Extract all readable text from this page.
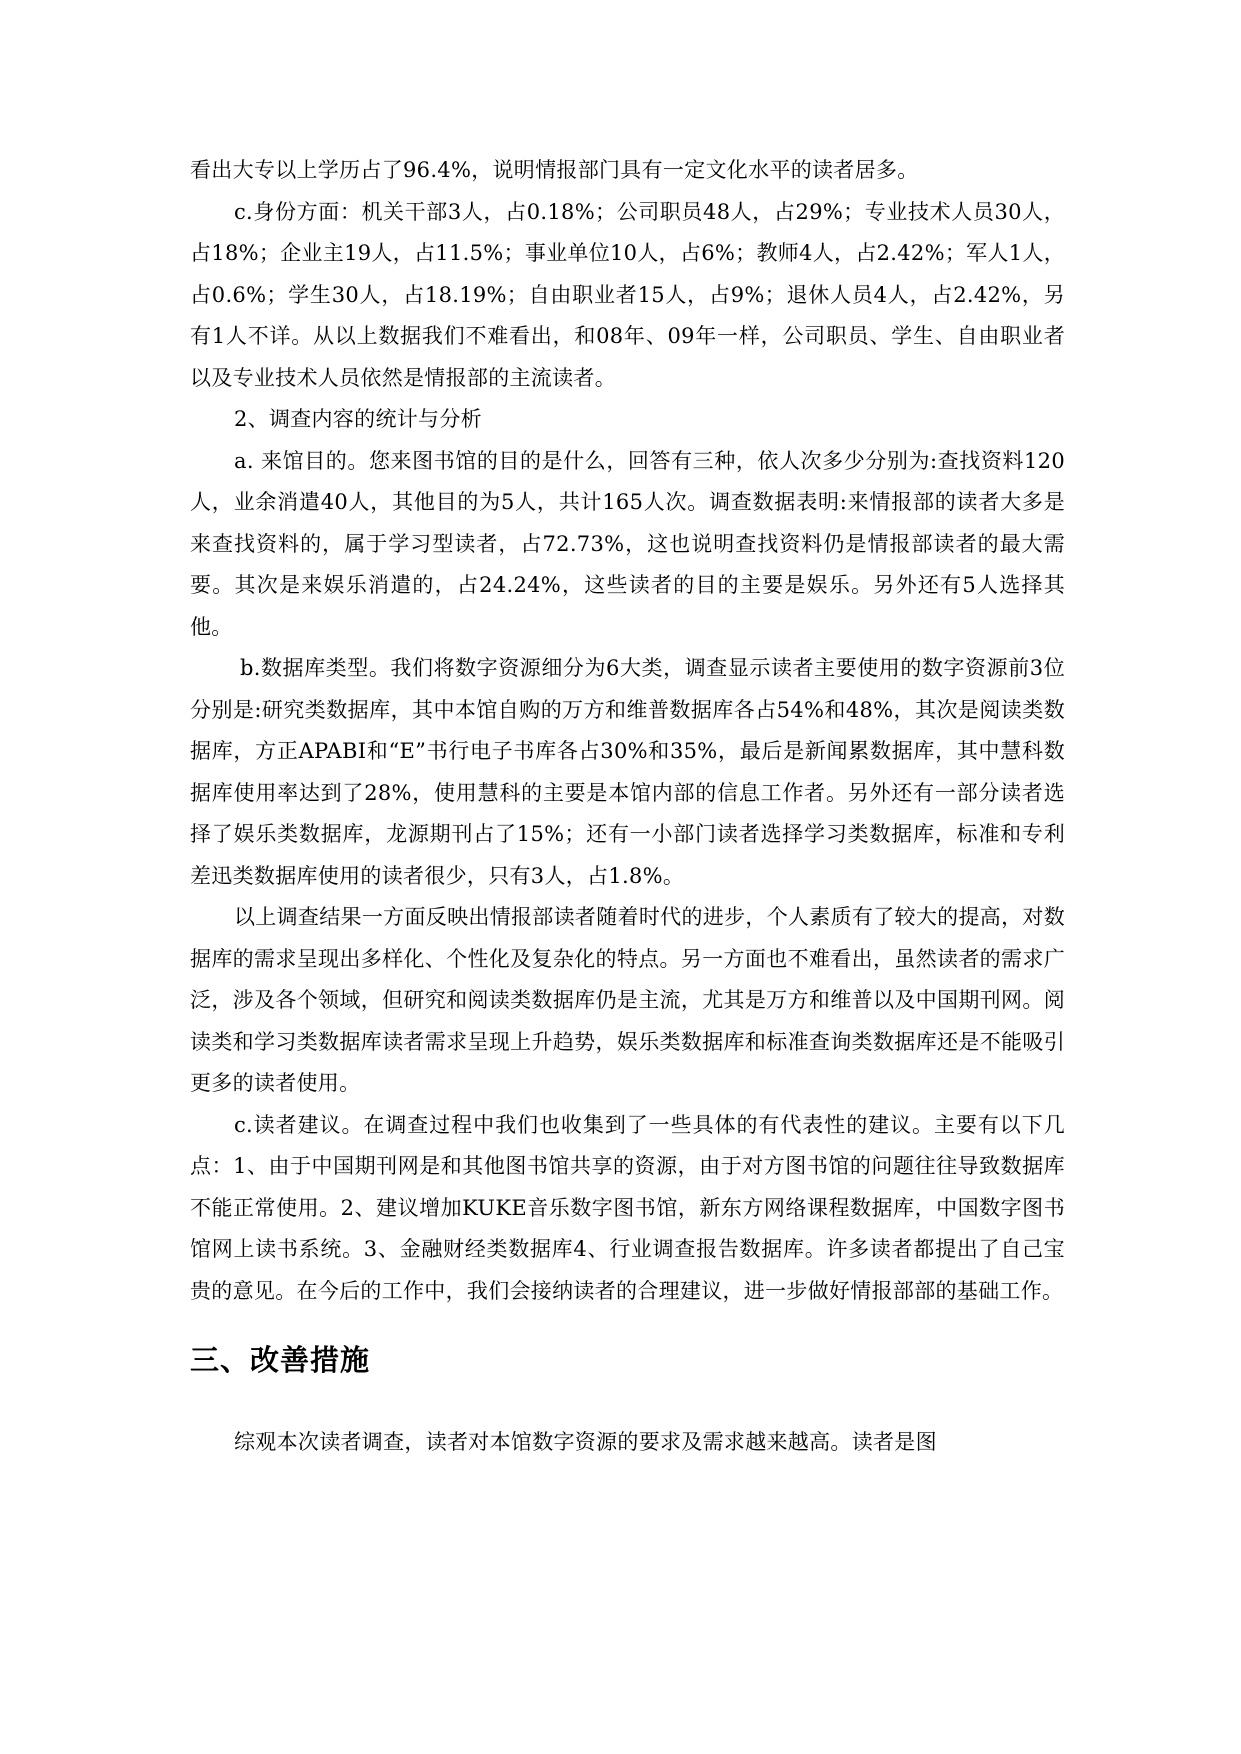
看出大专以上学历占了96.4%，说明情报部门具有一定文化水平的读者居多。

c.身份方面：机关干部3人，占0.18%；公司职员48人，占29%；专业技术人员30人，占18%；企业主19人，占11.5%；事业单位10人，占6%；教师4人，占2.42%；军人1人，占0.6%；学生30人，占18.19%；自由职业者15人，占9%；退休人员4人，占2.42%，另有1人不详。从以上数据我们不难看出，和08年、09年一样，公司职员、学生、自由职业者以及专业技术人员依然是情报部的主流读者。

2、调查内容的统计与分析

a. 来馆目的。您来图书馆的目的是什么，回答有三种，依人次多少分别为:查找资料120人，业余消遣40人，其他目的为5人，共计165人次。调查数据表明:来情报部的读者大多是来查找资料的，属于学习型读者，占72.73%，这也说明查找资料仍是情报部读者的最大需要。其次是来娱乐消遣的，占24.24%，这些读者的目的主要是娱乐。另外还有5人选择其他。

b.数据库类型。我们将数字资源细分为6大类，调查显示读者主要使用的数字资源前3位分别是:研究类数据库，其中本馆自购的万方和维普数据库各占54%和48%，其次是阅读类数据库，方正APABI和“E”书行电子书库各占30%和35%，最后是新闻累数据库，其中慧科数据库使用率达到了28%，使用慧科的主要是本馆内部的信息工作者。另外还有一部分读者选择了娱乐类数据库，龙源期刊占了15%；还有一小部门读者选择学习类数据库，标准和专利差迅类数据库使用的读者很少，只有3人，占1.8%。

以上调查结果一方面反映出情报部读者随着时代的进步，个人素质有了较大的提高，对数据库的需求呈现出多样化、个性化及复杂化的特点。另一方面也不难看出，虽然读者的需求广泛，涉及各个领域，但研究和阅读类数据库仍是主流，尤其是万方和维普以及中国期刊网。阅读类和学习类数据库读者需求呈现上升趋势，娱乐类数据库和标准查询类数据库还是不能吸引更多的读者使用。

c.读者建议。在调查过程中我们也收集到了一些具体的有代表性的建议。主要有以下几点：1、由于中国期刊网是和其他图书馆共享的资源，由于对方图书馆的问题往往导致数据库不能正常使用。2、建议增加KUKE音乐数字图书馆，新东方网络课程数据库，中国数字图书馆网上读书系统。3、金融财经类数据库4、行业调查报告数据库。许多读者都提出了自己宝贵的意见。在今后的工作中，我们会接纳读者的合理建议，进一步做好情报部部的基础工作。

三、改善措施

综观本次读者调查，读者对本馆数字资源的要求及需求越来越高。读者是图
